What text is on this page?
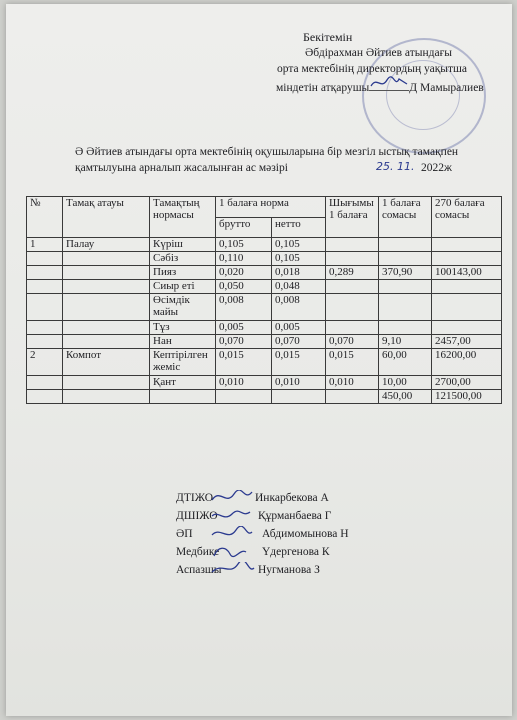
Бекітемін
Әбдірахман Әйтиев атындағы
орта мектебінің директордың уақытша
міндетін атқарушы	Д Мамыралиев
Ә Әйтиев атындағы орта мектебінің оқушыларына бір мезгіл ыстық тамақпен
қамтылуына арналып жасалынған ас мәзірі	25. 11. 2022ж
№	Тамақ атауы	Тамақтың нормасы	1 балаға норма		Шығымы 1 балаға	1 балаға сомасы	270 балаға сомасы
			брутто	нетто			
1	Палау	Күріш	0,105	0,105			
		Сәбіз	0,110	0,105			
		Пияз	0,020	0,018	0,289	370,90	100143,00
		Сиыр еті	0,050	0,048			
		Өсімдік майы	0,008	0,008			
		Тұз	0,005	0,005			
		Нан	0,070	0,070	0,070	9,10	2457,00
2	Компот	Кептірілген жеміс	0,015	0,015	0,015	60,00	16200,00
		Қант	0,010	0,010	0,010	10,00	2700,00
						450,00	121500,00
ДТІЖО	Инкарбекова А
ДШІЖО	Құрманбаева Г
ӘП	Абдимомынова Н
Медбике	Үдергенова К
Аспазшы	Нугманова З
